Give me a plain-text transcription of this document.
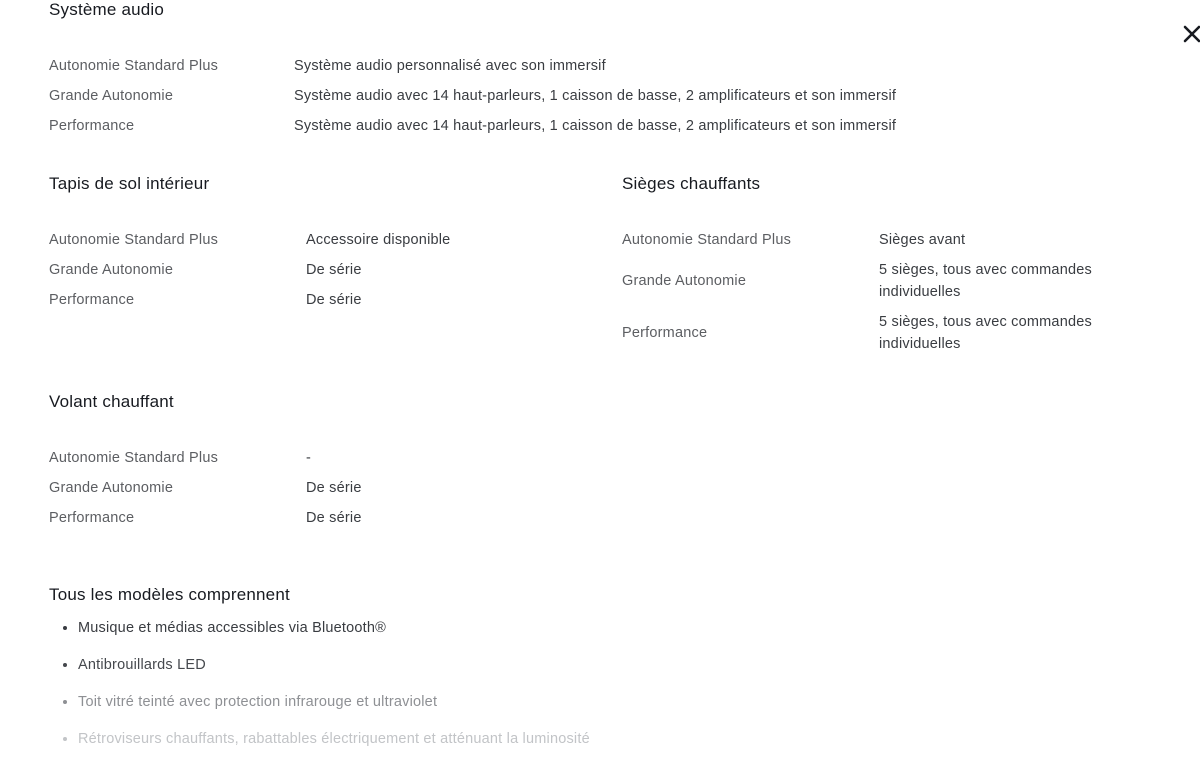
Système audio
Autonomie Standard Plus	Système audio personnalisé avec son immersif
Grande Autonomie	Système audio avec 14 haut-parleurs, 1 caisson de basse, 2 amplificateurs et son immersif
Performance	Système audio avec 14 haut-parleurs, 1 caisson de basse, 2 amplificateurs et son immersif
Tapis de sol intérieur
Autonomie Standard Plus	Accessoire disponible
Grande Autonomie	De série
Performance	De série
Sièges chauffants
Autonomie Standard Plus	Sièges avant
Grande Autonomie	5 sièges, tous avec commandes individuelles
Performance	5 sièges, tous avec commandes individuelles
Volant chauffant
Autonomie Standard Plus	-
Grande Autonomie	De série
Performance	De série
Tous les modèles comprennent
• Musique et médias accessibles via Bluetooth®
• Antibrouillards LED
• Toit vitré teinté avec protection infrarouge et ultraviolet
• Rétroviseurs chauffants, rabattables électriquement et atténuant la luminosité
•
